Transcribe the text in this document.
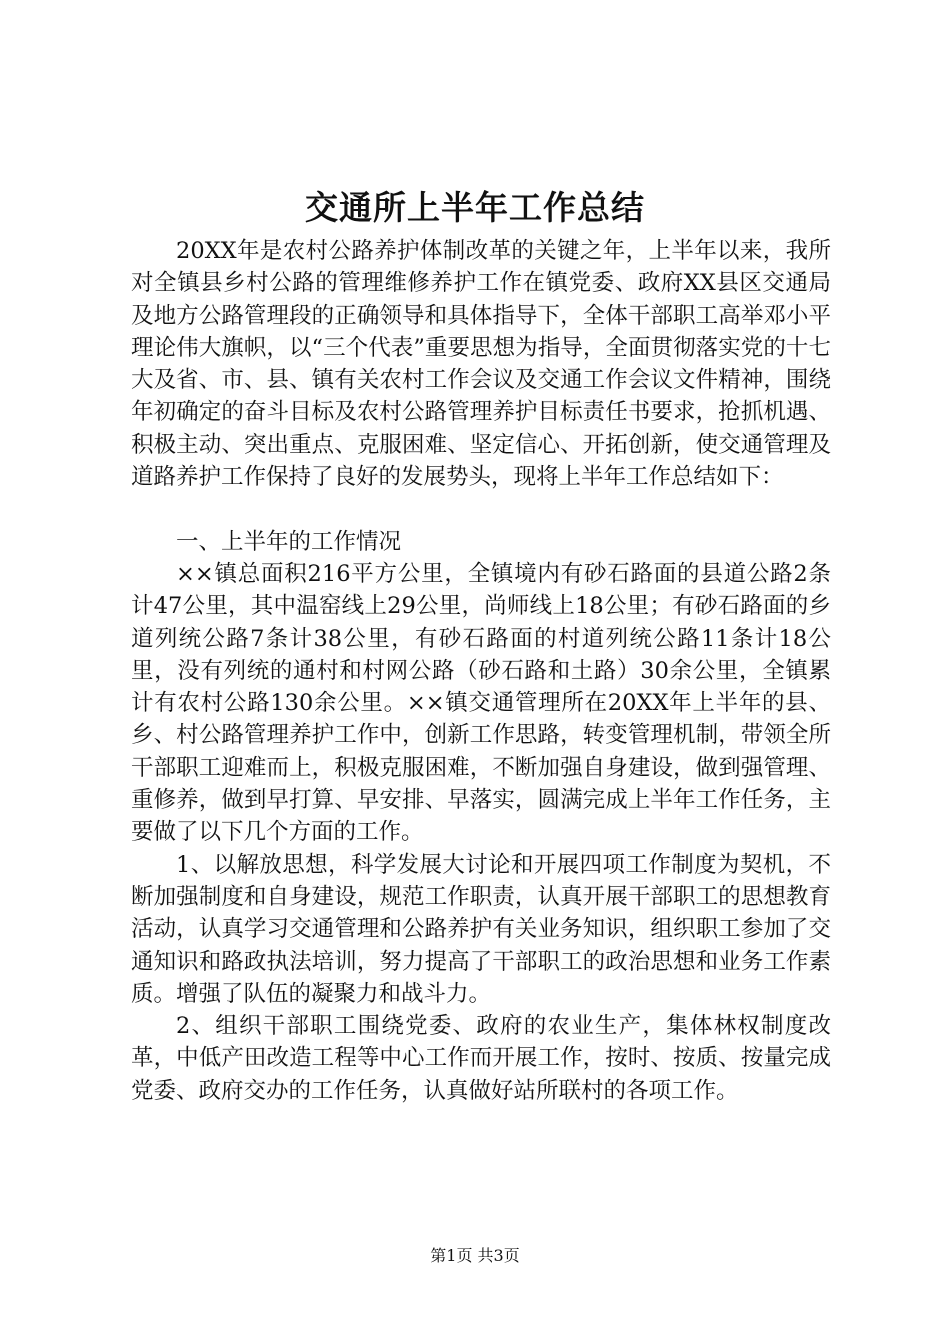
交通所上半年工作总结

20XX年是农村公路养护体制改革的关键之年，上半年以来，我所对全镇县乡村公路的管理维修养护工作在镇党委、政府XX县区交通局及地方公路管理段的正确领导和具体指导下，全体干部职工高举邓小平理论伟大旗帜，以“三个代表”重要思想为指导，全面贯彻落实党的十七大及省、市、县、镇有关农村工作会议及交通工作会议文件精神，围绕年初确定的奋斗目标及农村公路管理养护目标责任书要求，抢抓机遇、积极主动、突出重点、克服困难、坚定信心、开拓创新，使交通管理及道路养护工作保持了良好的发展势头，现将上半年工作总结如下：

一、上半年的工作情况

××镇总面积216平方公里，全镇境内有砂石路面的县道公路2条计47公里，其中温窑线上29公里，尚师线上18公里；有砂石路面的乡道列统公路7条计38公里，有砂石路面的村道列统公路11条计18公里，没有列统的通村和村网公路（砂石路和土路）30余公里，全镇累计有农村公路130余公里。××镇交通管理所在20XX年上半年的县、乡、村公路管理养护工作中，创新工作思路，转变管理机制，带领全所干部职工迎难而上，积极克服困难，不断加强自身建设，做到强管理、重修养，做到早打算、早安排、早落实，圆满完成上半年工作任务，主要做了以下几个方面的工作。

1、以解放思想，科学发展大讨论和开展四项工作制度为契机，不断加强制度和自身建设，规范工作职责，认真开展干部职工的思想教育活动，认真学习交通管理和公路养护有关业务知识，组织职工参加了交通知识和路政执法培训，努力提高了干部职工的政治思想和业务工作素质。增强了队伍的凝聚力和战斗力。

2、组织干部职工围绕党委、政府的农业生产，集体林权制度改革，中低产田改造工程等中心工作而开展工作，按时、按质、按量完成党委、政府交办的工作任务，认真做好站所联村的各项工作。

第1页 共3页
